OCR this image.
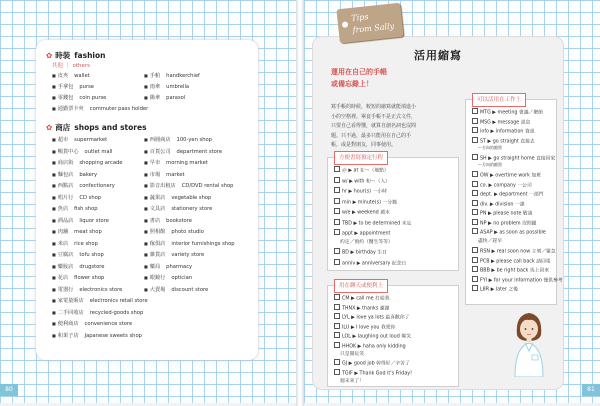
✿ 時裝 fashion
其他 ｜ others
■ 皮夾 wallet	■ 手帕 handkerchief
■ 手拿包 purse	■ 雨傘 umbrella
■ 零錢包 coin purse	■ 陽傘 parasol
■ 通勤票卡夾 commuter pass holder
✿ 商店 shops and stores
■ 超市 supermarket	■ 西圓商店 100-yen shop
■ 暢貨中心 outlet mall	■ 百貨公司 department store
■ 商店街 shopping arcade	■ 早市 morning market
■ 麵包店 bakery	■ 市場 market
■ 西點店 confectionery	■ 影音出租店 CD/DVD rental shop
■ 唱片行 CD shop	■ 蔬果店 vegetable shop
■ 魚店 fish shop	■ 文具店 stationery store
■ 酒品店 liquor store	■ 書店 bookstore
■ 肉舖 meat shop	■ 照相館 photo studio
■ 米店 rice shop	■ 傢俱店 interior furnishings shop
■ 豆腐店 tofu shop	■ 雜貨店 variety store
■ 藥妝店 drugstore	■ 藥局 pharmacy
■ 花店 flower shop	■ 眼鏡行 optician
■ 電器行 electronics store	■ 大賣場 discount store
■ 家電量販店 electronics retail store
■ 二手回收店 recycled-goods shop
■ 便利商店 convenience store
■ 和果子店 Japanese sweets shop
80
活用縮寫
運用在自己的手帳
或備忘錄上！
寫手帳的時候，較短的縮寫就能填進小
小的空格裡。畢竟手帳不是正式文件，
只要自己看得懂，就算自創名詞也沒問
題。只不過，最多只能用在自己的手
帳，或是對朋友，同事使用。
方便書寫預定行程
＠ ▶ at 在～（地點）
w/ ▶ with 和～（人）
hr ▶ hour(s) 一小時
min ▶ minute(s) 一分鐘
w/e ▶ weekend 週末
TBD ▶ to be determined 未定
appt ▶ appointment
約定／預約（醫生等等）
BD ▶ birthday 生日
anniv ▶ anniversary 紀念日
用在聊天或便利上
CM ▶ call me 打給我
THNX ▶ thanks 謝謝
LYL ▶ love ya lots 最喜歡你了
ILU ▶ I love you 我愛你
LOL ▶ laughing out loud 爆笑
HHOK ▶ haha only kidding
只是開玩笑
GJ ▶ good job 幹得好／辛苦了
TGIF ▶ Thank God it's Friday!
週末來了！
可以活用在工作上
MTG ▶ meeting 會議／聚節
MSG ▶ message 訊息
info ▶ information 資訊
ST ▶ go straight 直接去
～方向的縮寫
SH ▶ go straight home 直接回家
～方向的縮寫
OW ▶ overtime work 加班
co. ▶ company 一公司
dept. ▶ department 一部門
div. ▶ division 一課
PN ▶ please note 敬請
NP ▶ no problem 沒問題
ASAP ▶ as soon as possible
盡快／趕早
RSN ▶ real soon now 立刻／緊急
PCB ▶ please call back 請回電
BBB ▶ be right back 馬上回來
FYI ▶ for your information 僅供參考
L8R ▶ later 之後
Tips
from Sally
81
